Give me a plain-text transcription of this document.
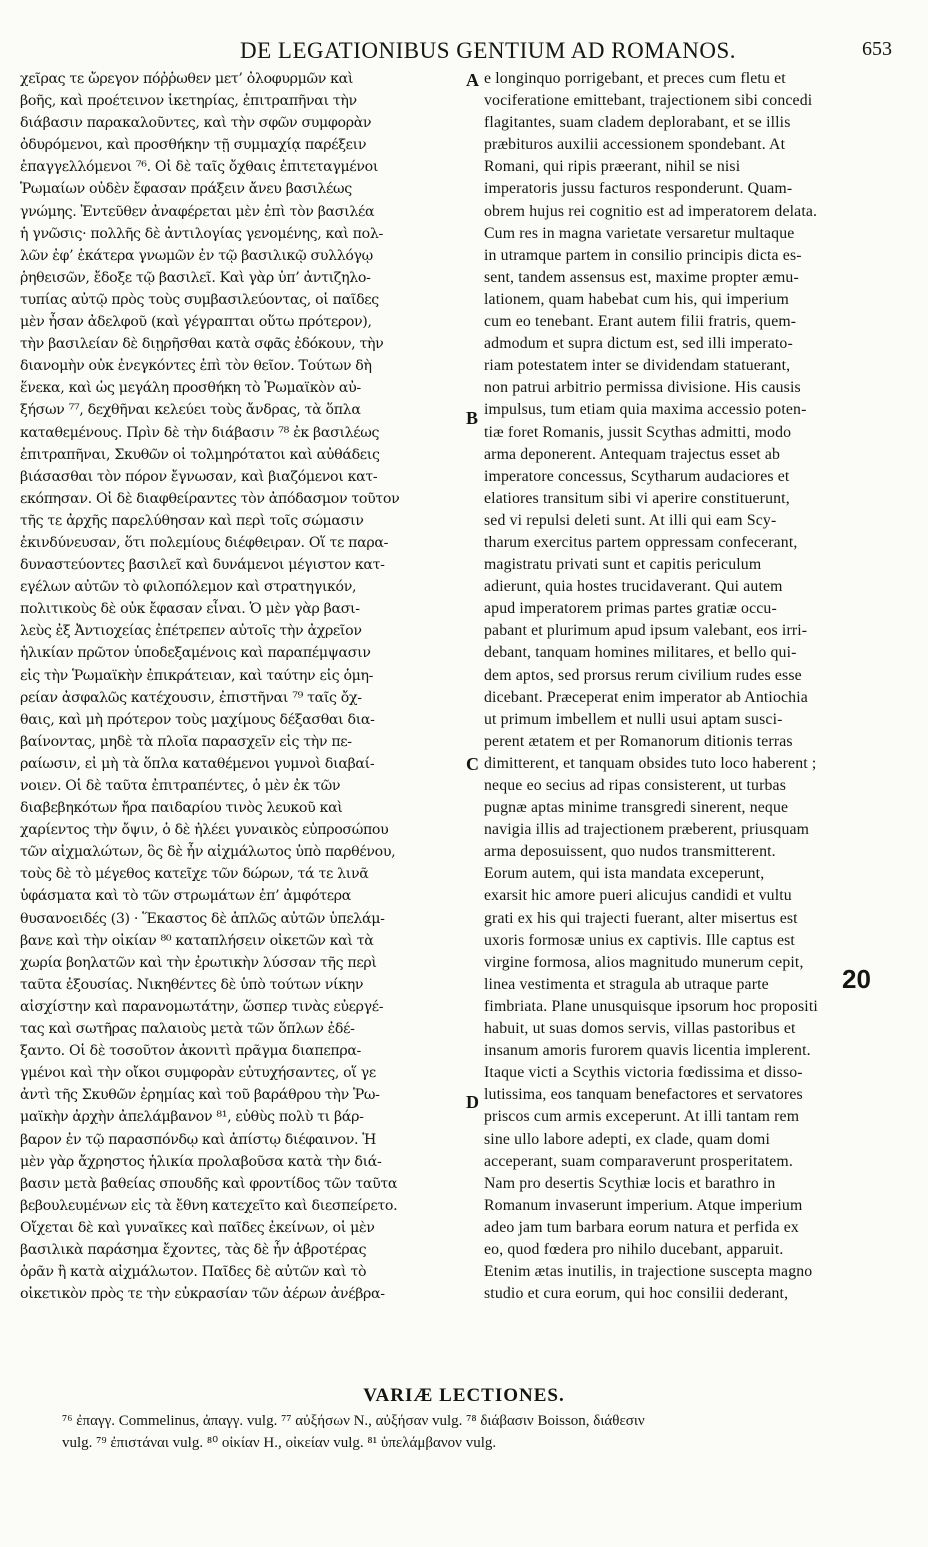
DE LEGATIONIBUS GENTIUM AD ROMANOS.	653
χεῖρας τε ὤρεγον πόῤῥωθεν μετ’ ὀλοφυρμῶν καὶ
βοῆς, καὶ προέτεινον ἱκετηρίας, ἐπιτραπῆναι τὴν
διάβασιν παρακαλοῦντες, καὶ τὴν σφῶν συμφορὰν
ὀδυρόμενοι, καὶ προσθήκην τῇ συμμαχίᾳ παρέξειν
ἐπαγγελλόμενοι ⁷⁶. Οἱ δὲ ταῖς ὄχθαις ἐπιτεταγμένοι
Ῥωμαίων οὐδὲν ἔφασαν πράξειν ἄνευ βασιλέως
γνώμης. Ἐντεῦθεν ἀναφέρεται μὲν ἐπὶ τὸν βασιλέα
ἡ γνῶσις· πολλῆς δὲ ἀντιλογίας γενομένης, καὶ πολ-
λῶν ἐφ’ ἑκάτερα γνωμῶν ἐν τῷ βασιλικῷ συλλόγῳ
ῥηθεισῶν, ἔδοξε τῷ βασιλεῖ. Καὶ γὰρ ὑπ’ ἀντιζηλο-
τυπίας αὐτῷ πρὸς τοὺς συμβασιλεύοντας, οἱ παῖδες
μὲν ἦσαν ἀδελφοῦ (καὶ γέγραπται οὕτω πρότερον),
τὴν βασιλείαν δὲ διῃρῆσθαι κατὰ σφᾶς ἐδόκουν, τὴν
διανομὴν οὐκ ἐνεγκόντες ἐπὶ τὸν θεῖον. Τούτων δὴ
ἕνεκα, καὶ ὡς μεγάλη προσθήκη τὸ Ῥωμαϊκὸν αὐ-
ξήσων ⁷⁷, δεχθῆναι κελεύει τοὺς ἄνδρας, τὰ ὅπλα
καταθεμένους. Πρὶν δὲ τὴν διάβασιν ⁷⁸ ἐκ βασιλέως
ἐπιτραπῆναι, Σκυθῶν οἱ τολμηρότατοι καὶ αὐθάδεις
βιάσασθαι τὸν πόρον ἔγνωσαν, καὶ βιαζόμενοι κατ-
εκόπησαν. Οἱ δὲ διαφθείραντες τὸν ἀπόδασμον τοῦτον
τῆς τε ἀρχῆς παρελύθησαν καὶ περὶ τοῖς σώμασιν
ἐκινδύνευσαν, ὅτι πολεμίους διέφθειραν. Οἵ τε παρα-
δυναστεύοντες βασιλεῖ καὶ δυνάμενοι μέγιστον κατ-
εγέλων αὐτῶν τὸ φιλοπόλεμον καὶ στρατηγικόν,
πολιτικοὺς δὲ οὐκ ἔφασαν εἶναι. Ὁ μὲν γὰρ βασι-
λεὺς ἐξ Ἀντιοχείας ἐπέτρεπεν αὐτοῖς τὴν ἀχρεῖον
ἡλικίαν πρῶτον ὑποδεξαμένοις καὶ παραπέμψασιν
εἰς τὴν Ῥωμαϊκὴν ἐπικράτειαν, καὶ ταύτην εἰς ὁμη-
ρείαν ἀσφαλῶς κατέχουσιν, ἐπιστῆναι ⁷⁹ ταῖς ὄχ-
θαις, καὶ μὴ πρότερον τοὺς μαχίμους δέξασθαι δια-
βαίνοντας, μηδὲ τὰ πλοῖα παρασχεῖν εἰς τὴν πε-
ραίωσιν, εἰ μὴ τὰ ὅπλα καταθέμενοι γυμνοὶ διαβαί-
νοιεν. Οἱ δὲ ταῦτα ἐπιτραπέντες, ὁ μὲν ἐκ τῶν
διαβεβηκότων ἤρα παιδαρίου τινὸς λευκοῦ καὶ
χαρίεντος τὴν ὄψιν, ὁ δὲ ἠλέει γυναικὸς εὐπροσώπου
τῶν αἰχμαλώτων, ὃς δὲ ἦν αἰχμάλωτος ὑπὸ παρθένου,
τοὺς δὲ τὸ μέγεθος κατεῖχε τῶν δώρων, τά τε λινᾶ
ὑφάσματα καὶ τὸ τῶν στρωμάτων ἐπ’ ἀμφότερα
θυσανοειδές (3) · Ἕκαστος δὲ ἁπλῶς αὐτῶν ὑπελάμ-
βανε καὶ τὴν οἰκίαν ⁸⁰ καταπλήσειν οἰκετῶν καὶ τὰ
χωρία βοηλατῶν καὶ τὴν ἐρωτικὴν λύσσαν τῆς περὶ
ταῦτα ἐξουσίας. Νικηθέντες δὲ ὑπὸ τούτων νίκην
αἰσχίστην καὶ παρανομωτάτην, ὥσπερ τινὰς εὐεργέ-
τας καὶ σωτῆρας παλαιοὺς μετὰ τῶν ὅπλων ἐδέ-
ξαντο. Οἱ δὲ τοσοῦτον ἀκονιτὶ πρᾶγμα διαπεπρα-
γμένοι καὶ τὴν οἴκοι συμφορὰν εὐτυχήσαντες, οἵ γε
ἀντὶ τῆς Σκυθῶν ἐρημίας καὶ τοῦ βαράθρου τὴν Ῥω-
μαϊκὴν ἀρχὴν ἀπελάμβανον ⁸¹, εὐθὺς πολὺ τι βάρ-
βαρον ἐν τῷ παρασπόνδῳ καὶ ἀπίστῳ διέφαινον. Ἡ
μὲν γὰρ ἄχρηστος ἡλικία προλαβοῦσα κατὰ τὴν διά-
βασιν μετὰ βαθείας σπουδῆς καὶ φροντίδος τῶν ταῦτα
βεβουλευμένων εἰς τὰ ἔθνη κατεχεῖτο καὶ διεσπείρετο.
Οἴχεται δὲ καὶ γυναῖκες καὶ παῖδες ἐκείνων, οἱ μὲν
βασιλικὰ παράσημα ἔχοντες, τὰς δὲ ἦν ἁβροτέρας
ὁρᾶν ἢ κατὰ αἰχμάλωτον. Παῖδες δὲ αὐτῶν καὶ τὸ
οἰκετικὸν πρὸς τε τὴν εὐκρασίαν τῶν ἀέρων ἀνέβρα-
e longinquo porrigebant, et preces cum fletu et
vociferatione emittebant, trajectionem sibi concedi
flagitantes, suam cladem deplorabant, et se illis
præbituros auxilii accessionem spondebant. At
Romani, qui ripis præerant, nihil se nisi
imperatoris jussu facturos responderunt. Quam-
obrem hujus rei cognitio est ad imperatorem delata.
Cum res in magna varietate versaretur multaque
in utramque partem in consilio principis dicta es-
sent, tandem assensus est, maxime propter æmu-
lationem, quam habebat cum his, qui imperium
cum eo tenebant. Erant autem filii fratris, quem-
admodum et supra dictum est, sed illi imperato-
riam potestatem inter se dividendam statuerant,
non patrui arbitrio permissa divisione. His causis
impulsus, tum etiam quia maxima accessio poten-
tiæ foret Romanis, jussit Scythas admitti, modo
arma deponerent. Antequam trajectus esset ab
imperatore concessus, Scytharum audaciores et
elatiores transitum sibi vi aperire constituerunt,
sed vi repulsi deleti sunt. At illi qui eam Scy-
tharum exercitus partem oppressam confecerant,
magistratu privati sunt et capitis periculum
adierunt, quia hostes trucidaverant. Qui autem
apud imperatorem primas partes gratiæ occu-
pabant et plurimum apud ipsum valebant, eos irri-
debant, tanquam homines militares, et bello qui-
dem aptos, sed prorsus rerum civilium rudes esse
dicebant. Præceperat enim imperator ab Antiochia
ut primum imbellem et nulli usui aptam susci-
perent ætatem et per Romanorum ditionis terras
dimitterent, et tanquam obsides tuto loco haberent ;
neque eo secius ad ripas consisterent, ut turbas
pugnæ aptas minime transgredi sinerent, neque
navigia illis ad trajectionem præberent, priusquam
arma deposuissent, quo nudos transmitterent.
Eorum autem, qui ista mandata exceperunt,
exarsit hic amore pueri alicujus candidi et vultu
grati ex his qui trajecti fuerant, alter misertus est
uxoris formosæ unius ex captivis. Ille captus est
virgine formosa, alios magnitudo munerum cepit,
linea vestimenta et stragula ab utraque parte
fimbriata. Plane unusquisque ipsorum hoc propositi
habuit, ut suas domos servis, villas pastoribus et
insanum amoris furorem quavis licentia implerent.
Itaque victi a Scythis victoria fœdissima et disso-
lutissima, eos tanquam benefactores et servatores
priscos cum armis exceperunt. At illi tantam rem
sine ullo labore adepti, ex clade, quam domi
acceperant, suam comparaverunt prosperitatem.
Nam pro desertis Scythiæ locis et barathro in
Romanum invaserunt imperium. Atque imperium
adeo jam tum barbara eorum natura et perfida ex
eo, quod fœdera pro nihilo ducebant, apparuit.
Etenim ætas inutilis, in trajectione suscepta magno
studio et cura eorum, qui hoc consilii dederant,
A
B
C
D
20
VARIÆ LECTIONES.
⁷⁶ ἐπαγγ. Commelinus, ἀπαγγ. vulg. ⁷⁷ αὐξήσων N., αὐξήσαν vulg. ⁷⁸ διάβασιν Boisson, διάθεσιν
vulg. ⁷⁹ ἐπιστάναι vulg. ⁸⁰ οἰκίαν H., οἰκείαν vulg. ⁸¹ ὑπελάμβανον vulg.
